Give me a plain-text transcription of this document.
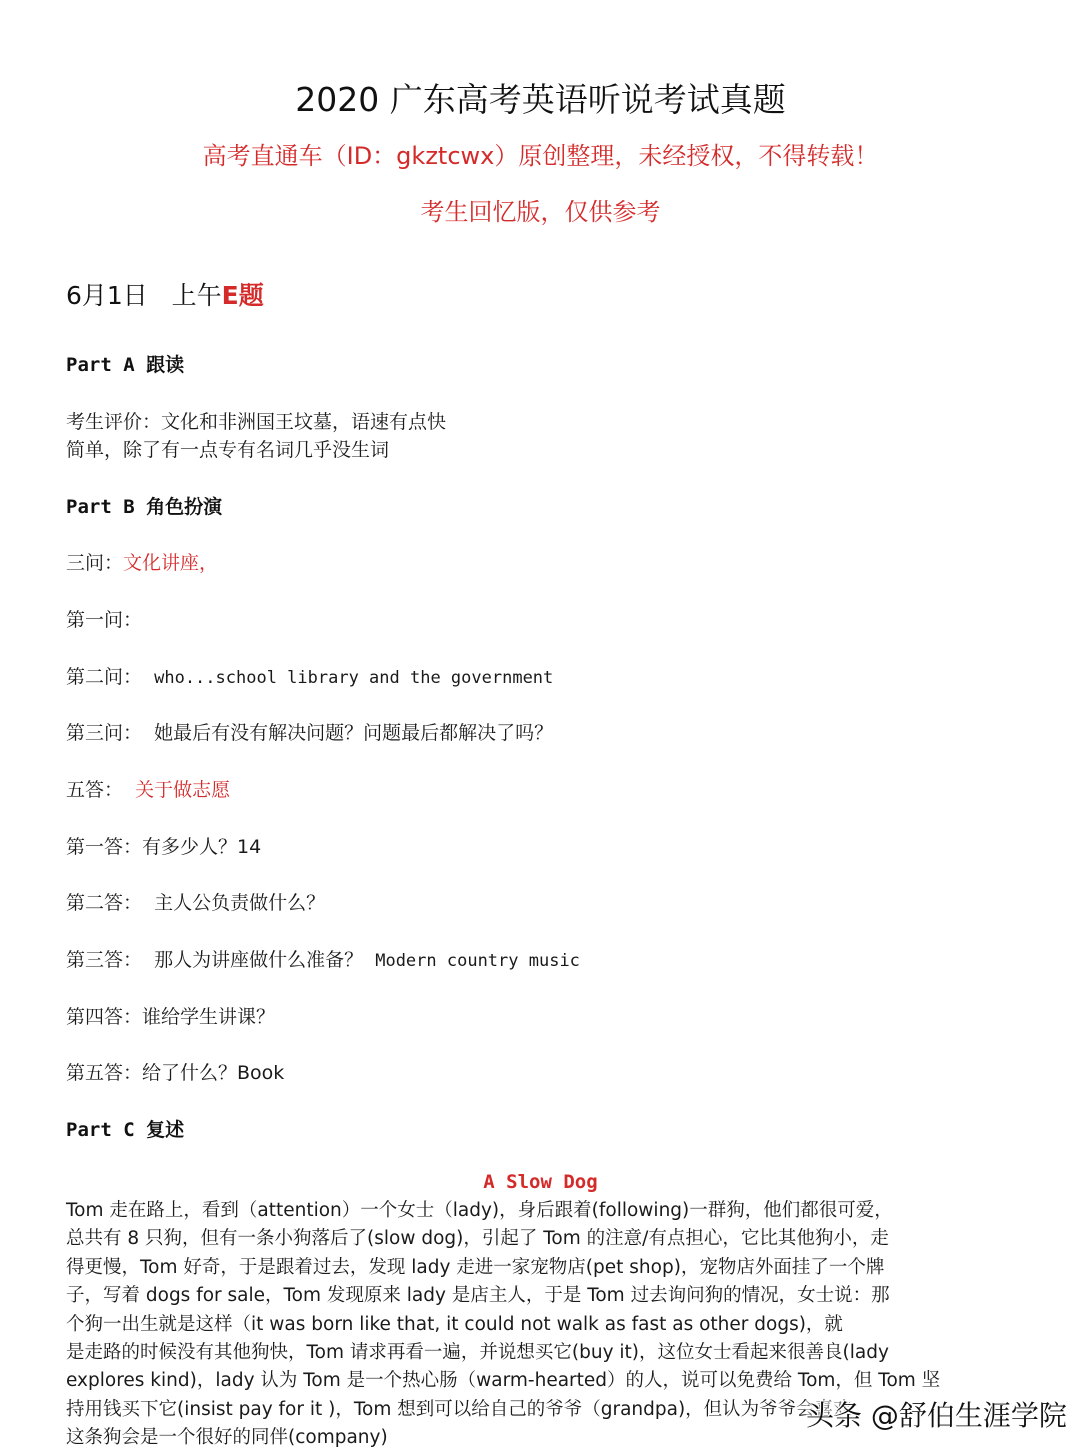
2020 广东高考英语听说考试真题
高考直通车（ID：gkztcwx）原创整理，未经授权，不得转载！
考生回忆版，仅供参考
6月1日 上午E题
Part A 跟读
考生评价：文化和非洲国王坟墓，语速有点快
简单，除了有一点专有名词几乎没生词
Part B 角色扮演
三问：文化讲座，
第一问：
第二问： who...school library and the government
第三问： 她最后有没有解决问题？问题最后都解决了吗？
五答： 关于做志愿
第一答：有多少人？14
第二答： 主人公负责做什么？
第三答： 那人为讲座做什么准备？ Modern country music
第四答：谁给学生讲课？
第五答：给了什么？Book
Part C 复述
A Slow Dog
Tom 走在路上，看到（attention）一个女士（lady)，身后跟着(following)一群狗，他们都很可爱，
总共有 8 只狗，但有一条小狗落后了(slow dog)，引起了 Tom 的注意/有点担心，它比其他狗小，走
得更慢，Tom 好奇，于是跟着过去，发现 lady 走进一家宠物店(pet shop)，宠物店外面挂了一个牌
子，写着 dogs for sale，Tom 发现原来 lady 是店主人，于是 Tom 过去询问狗的情况，女士说：那
个狗一出生就是这样（it was born like that, it could not walk as fast as other dogs)，就
是走路的时候没有其他狗快，Tom 请求再看一遍，并说想买它(buy it)，这位女士看起来很善良(lady
explores kind)，lady 认为 Tom 是一个热心肠（warm-hearted）的人，说可以免费给 Tom，但 Tom 坚
持用钱买下它(insist pay for it )，Tom 想到可以给自己的爷爷（grandpa)，但认为爷爷会喜欢
这条狗会是一个很好的同伴(company)
头条 @舒伯生涯学院
